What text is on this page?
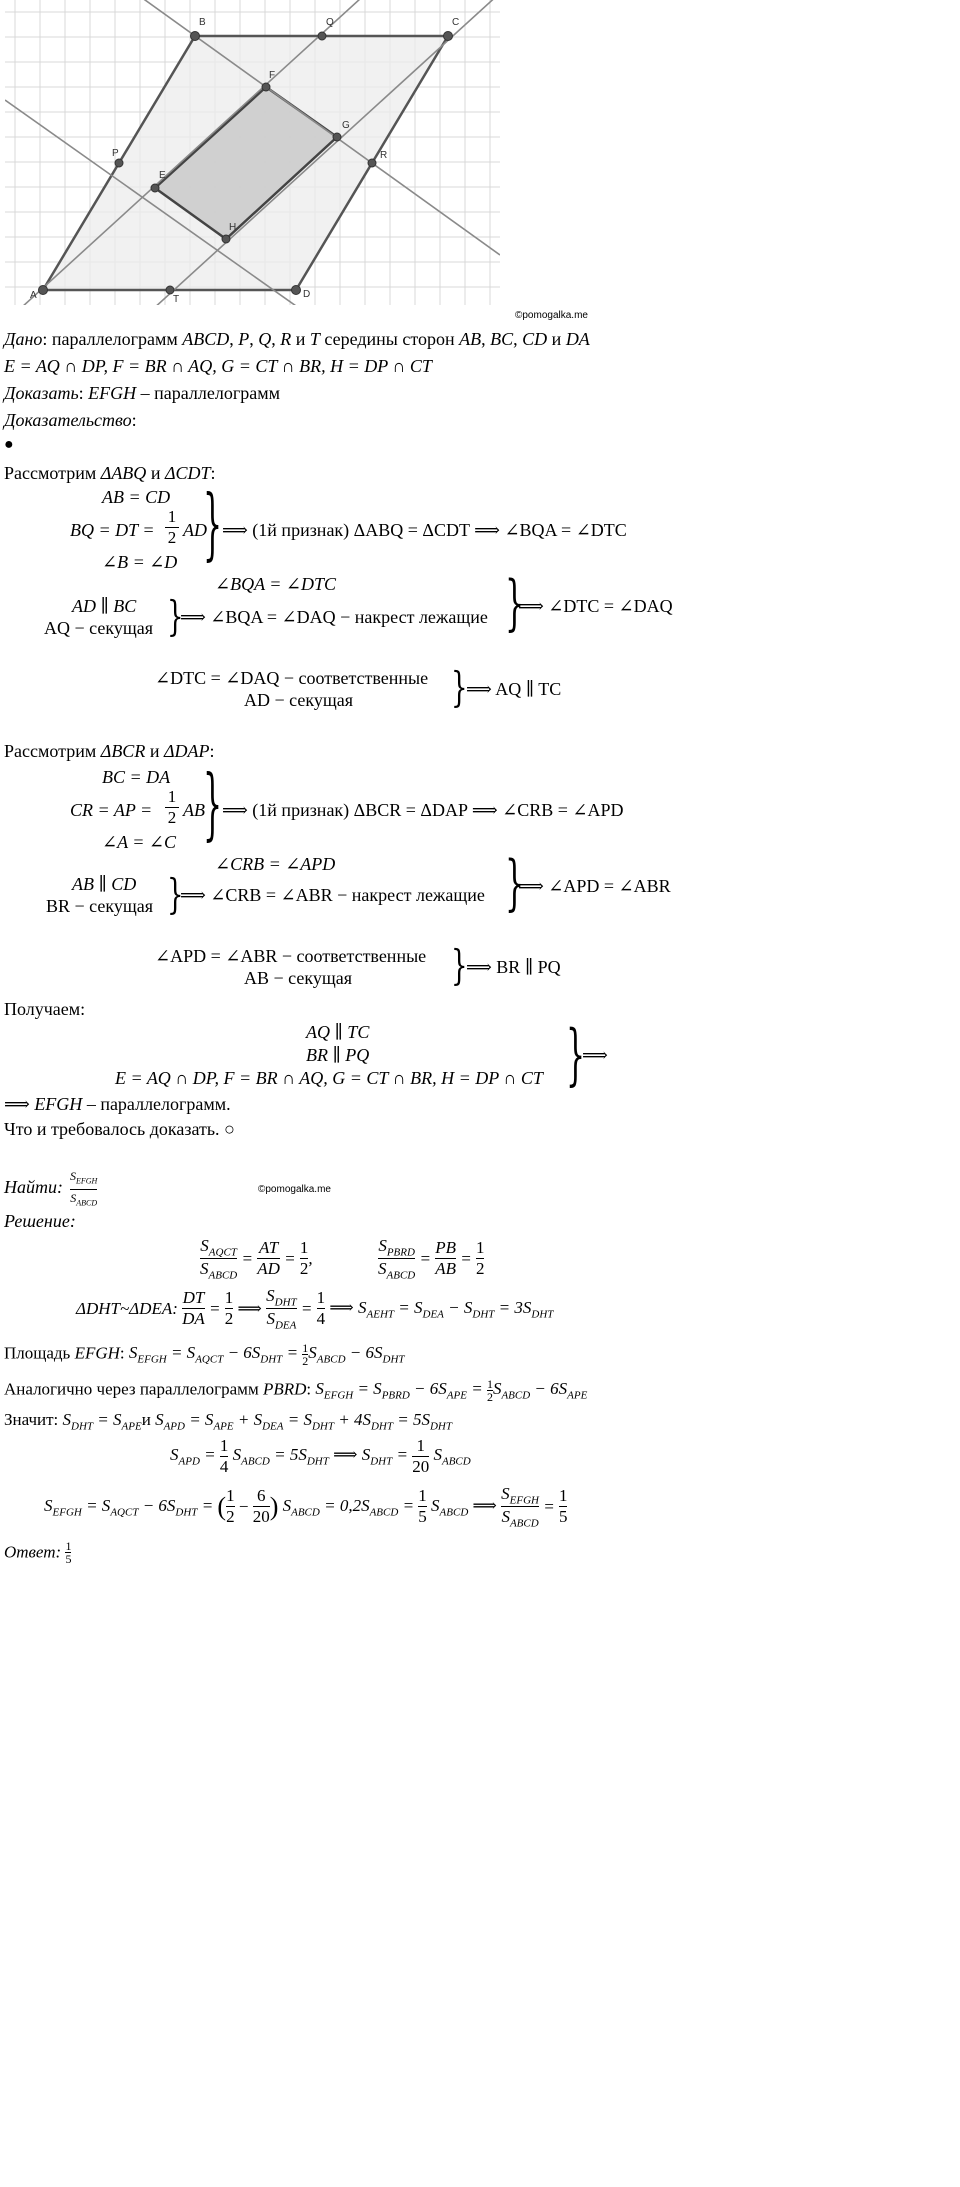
A
B	C
D
P
Q
R
T
E
F
G
H
©pomogalka.me
Дано: параллелограмм ABCD, P, Q, R и T середины сторон AB, BC, CD и DA
E = AQ ∩ DP, F = BR ∩ AQ, G = CT ∩ BR, H = DP ∩ CT
Доказать: EFGH – параллелограмм
Доказательство:
●
Рассмотрим ΔABQ и ΔCDT:
AB = CD
BQ = DT =
1
2 AD
∠B = ∠D } ⟹ (1й признак) ΔABQ = ΔCDT ⟹ ∠BQA = ∠DTC
∠BQA = ∠DTC
AD ∥ BC
AQ − секущая }
⟹ ∠BQA = ∠DAQ − накрест лежащие }
⟹ ∠DTC = ∠DAQ
∠DTC = ∠DAQ − соответственные
AD − секущая	}
⟹ AQ ∥ TC
Рассмотрим ΔBCR и ΔDAP:
BC = DA
CR = AP =
1
2 AB
∠A = ∠C } ⟹ (1й признак) ΔBCR = ΔDAP ⟹ ∠CRB = ∠APD
∠CRB = ∠APD
AB ∥ CD
BR − секущая }
⟹ ∠CRB = ∠ABR − накрест лежащие }
⟹ ∠APD = ∠ABR
∠APD = ∠ABR − соответственные
AB − секущая	}
⟹ BR ∥ PQ
Получаем:
AQ ∥ TC
BR ∥ PQ
E = AQ ∩ DP, F = BR ∩ AQ, G = CT ∩ BR, H = DP ∩ CT }
⟹
⟹ EFGH – параллелограмм.
Что и требовалось доказать. ○
Найти:
$S_{EFGH}$
$S_{ABCD}$
©pomogalka.me
Решение:
$S_{AQCT}$
$S_{ABCD}$
= $\frac{AT}{AD} = \frac{1}{2}$ ,
$S_{PBRD}$
$S_{ABCD}$
= $\frac{PB}{AB} = \frac{1}{2}$
ΔDHT~ΔDEA: $\frac{DT}{DA} = \frac{1}{2}$ ⟹
$S_{DHT}$
$S_{DEA}$
= $\frac{1}{4}$ ⟹ $S_{AEHT} = S_{DEA} - S_{DHT} = 3S_{DHT}$
Площадь EFGH: $S_{EFGH} = S_{AQCT} - 6S_{DHT} = \frac{1}{2} S_{ABCD} - 6S_{DHT}$
Аналогично через параллелограмм PBRD: $S_{EFGH} = S_{PBRD} - 6S_{APE} = \frac{1}{2} S_{ABCD} - 6S_{APE}$
Значит: $S_{DHT} = S_{APE}и$ $S_{APD} = S_{APE} + S_{DEA} = S_{DHT} + 4S_{DHT} = 5S_{DHT}$
$S_{APD} = \frac{1}{4} S_{ABCD} = 5S_{DHT}$ ⟹ $S_{DHT} = \frac{1}{20} S_{ABCD}$
$S_{EFGH} = S_{AQCT} - 6S_{DHT}$ = ( $\frac{1}{2} - \frac{6}{20}$ ) $S_{ABCD} = 0,2S_{ABCD} = \frac{1}{5} S_{ABCD}$ ⟹
$S_{EFGH}$
$S_{ABCD}$
= $\frac{1}{5}$
Ответ: $\frac{1}{5}$
